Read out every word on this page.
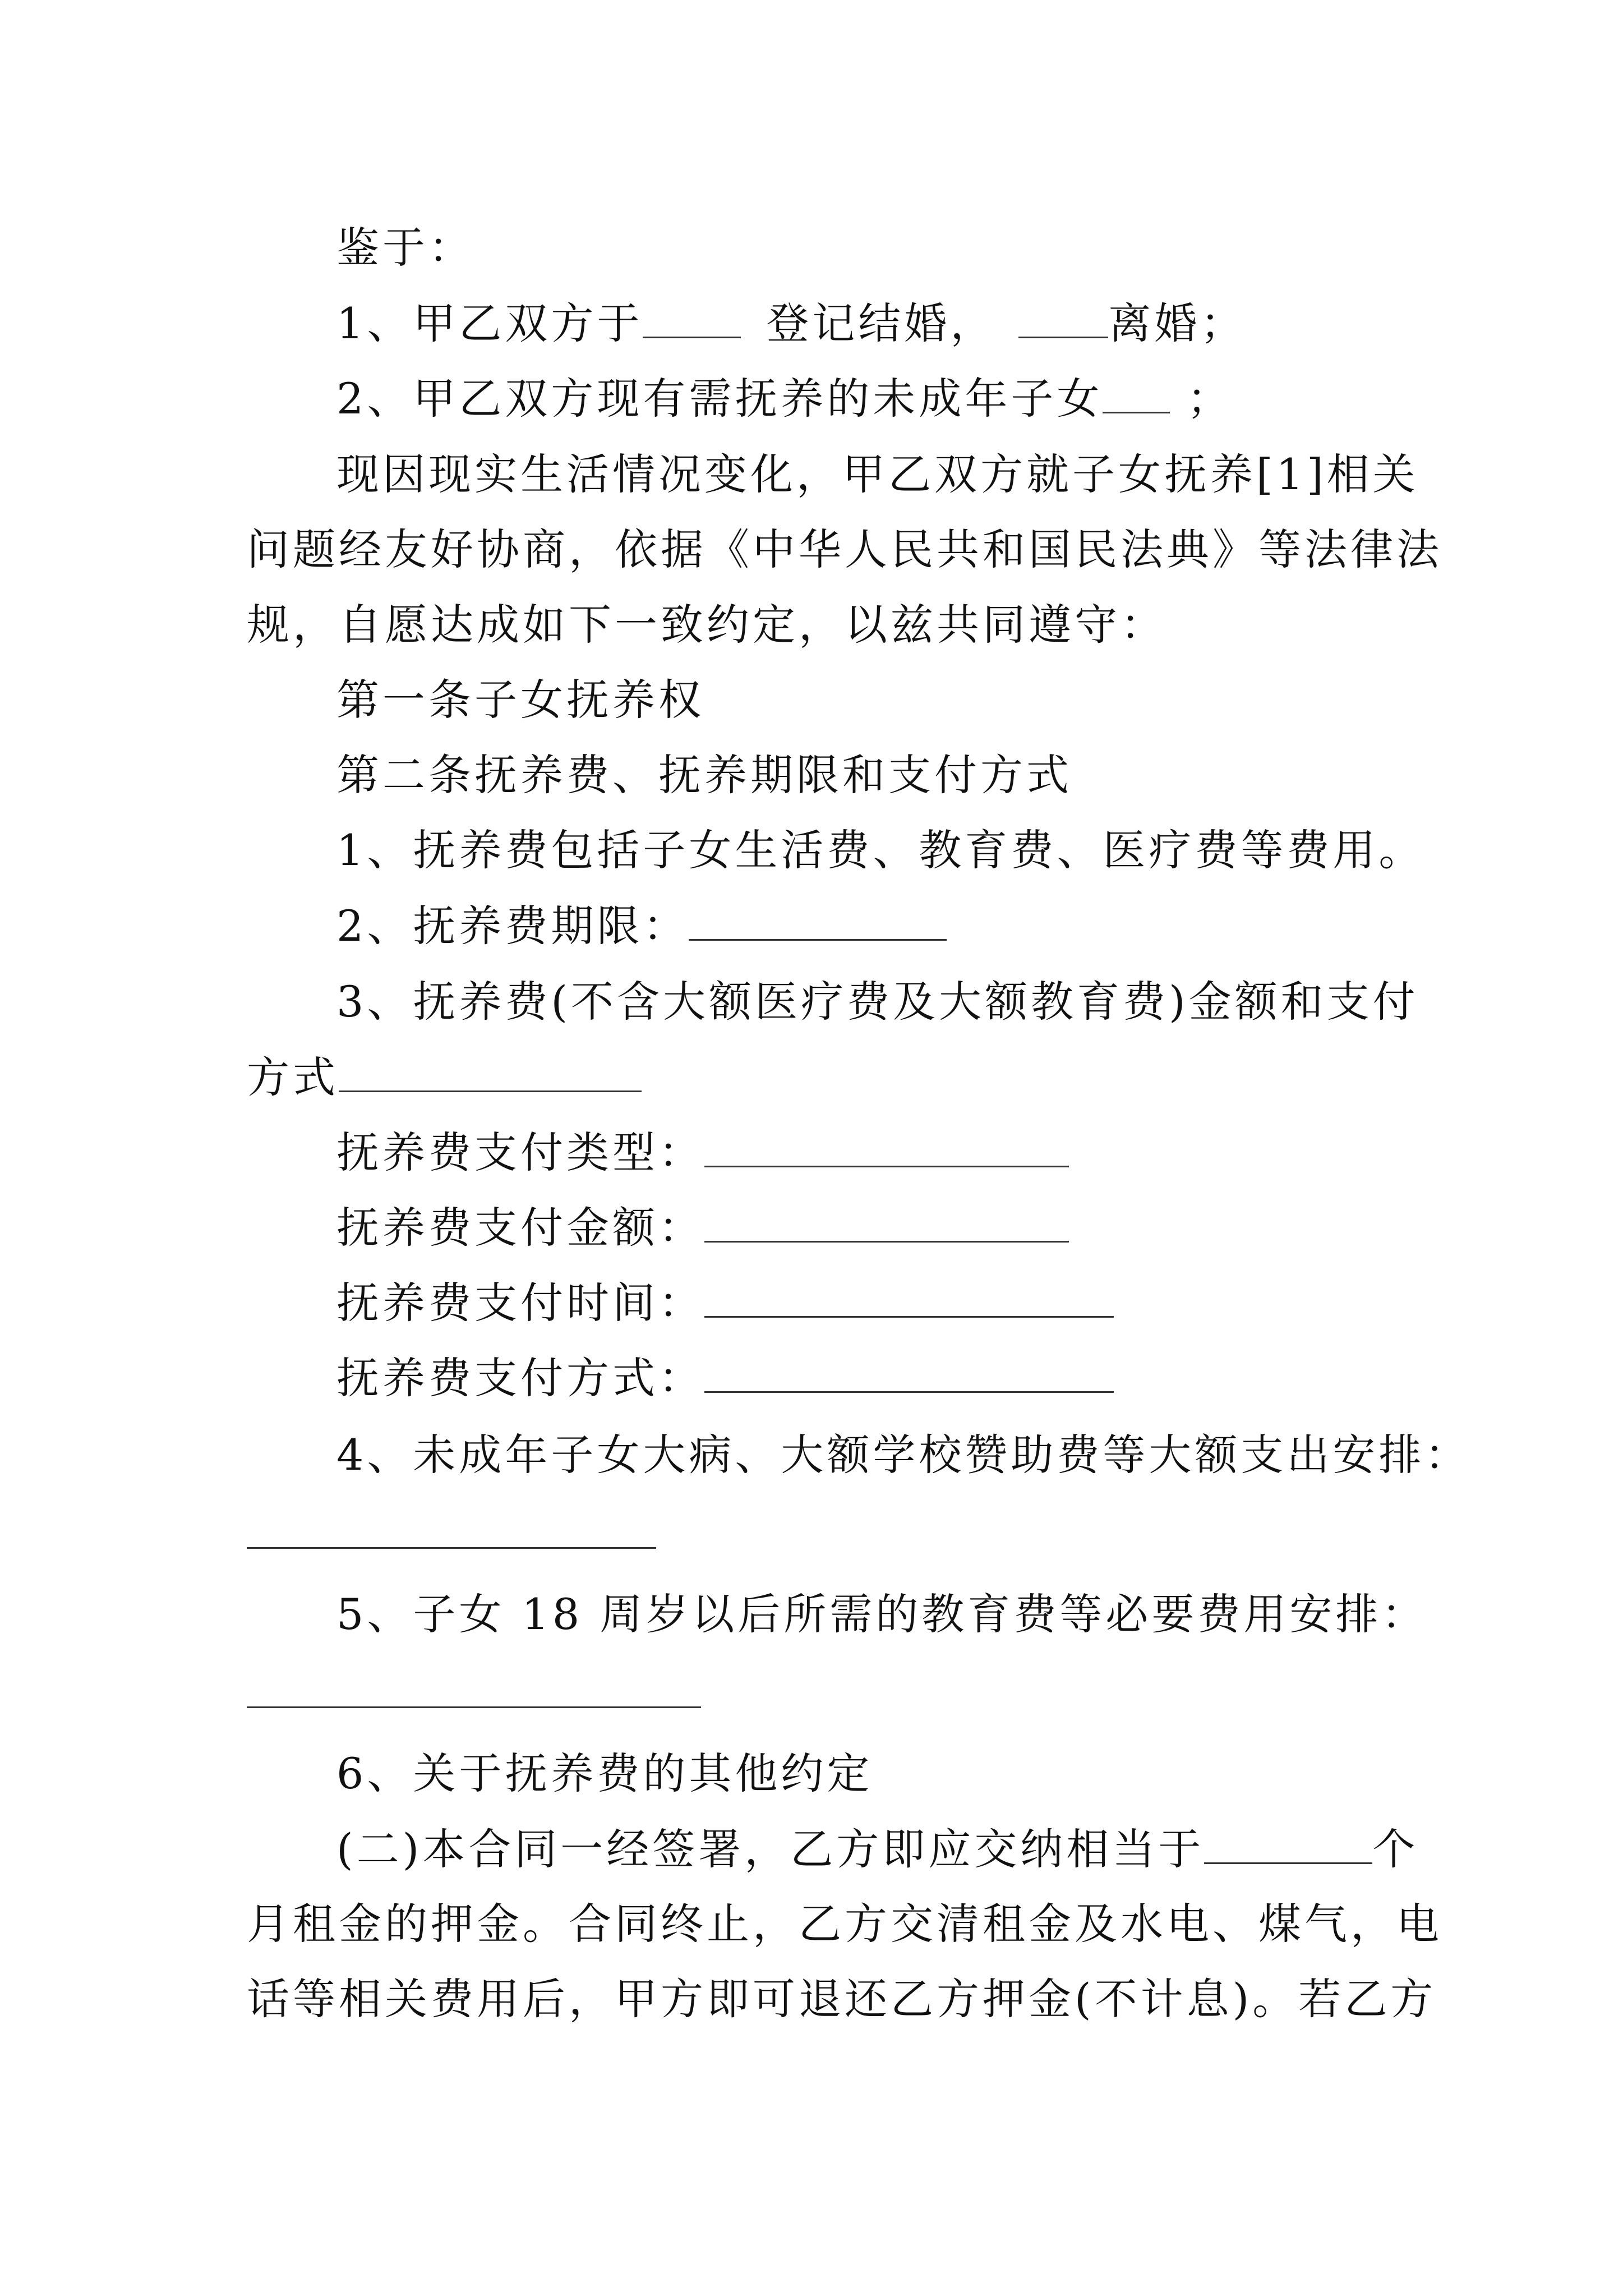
鉴于：
1、甲乙双方于	登记结婚，	离婚；
2、甲乙双方现有需抚养的未成年子女 ；
现因现实生活情况变化，甲乙双方就子女抚养[1]相关
问题经友好协商，依据《中华人民共和国民法典》等法律法
规，自愿达成如下一致约定，以兹共同遵守：
第一条子女抚养权
第二条抚养费、抚养期限和支付方式
1、抚养费包括子女生活费、教育费、医疗费等费用。
2、抚养费期限：
3、抚养费(不含大额医疗费及大额教育费)金额和支付
方式
抚养费支付类型：
抚养费支付金额：
抚养费支付时间：
抚养费支付方式：
4、未成年子女大病、大额学校赞助费等大额支出安排：
5、子女 18 周岁以后所需的教育费等必要费用安排：
6、关于抚养费的其他约定
(二)本合同一经签署，乙方即应交纳相当于	个
月租金的押金。合同终止，乙方交清租金及水电、煤气，电
话等相关费用后，甲方即可退还乙方押金(不计息)。若乙方
